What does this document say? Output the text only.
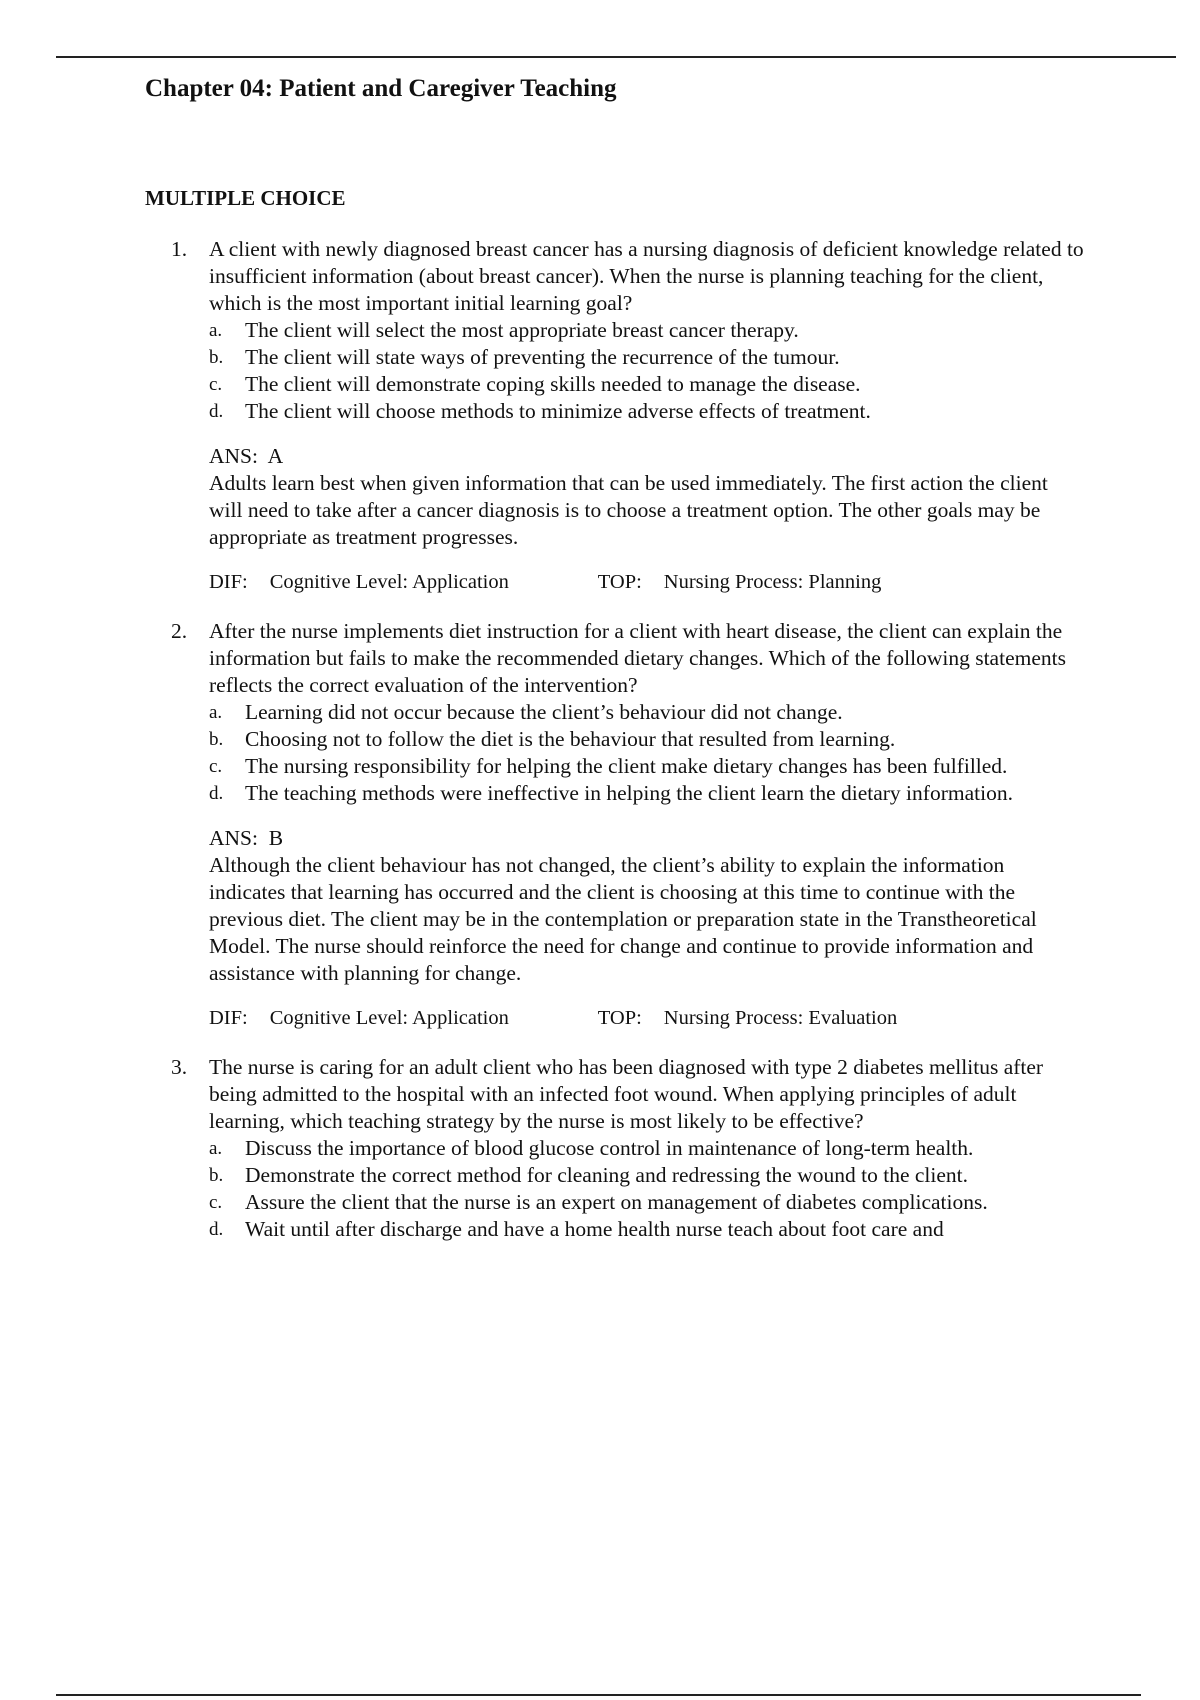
Chapter 04: Patient and Caregiver Teaching
MULTIPLE CHOICE
1. A client with newly diagnosed breast cancer has a nursing diagnosis of deficient knowledge related to insufficient information (about breast cancer). When the nurse is planning teaching for the client, which is the most important initial learning goal?

a. The client will select the most appropriate breast cancer therapy.
b. The client will state ways of preventing the recurrence of the tumour.
c. The client will demonstrate coping skills needed to manage the disease.
d. The client will choose methods to minimize adverse effects of treatment.

ANS: A

Adults learn best when given information that can be used immediately. The first action the client will need to take after a cancer diagnosis is to choose a treatment option. The other goals may be appropriate as treatment progresses.

DIF: Cognitive Level: Application	TOP: Nursing Process: Planning
2. After the nurse implements diet instruction for a client with heart disease, the client can explain the information but fails to make the recommended dietary changes. Which of the following statements reflects the correct evaluation of the intervention?

a. Learning did not occur because the client’s behaviour did not change.
b. Choosing not to follow the diet is the behaviour that resulted from learning.
c. The nursing responsibility for helping the client make dietary changes has been fulfilled.
d. The teaching methods were ineffective in helping the client learn the dietary information.

ANS: B

Although the client behaviour has not changed, the client’s ability to explain the information indicates that learning has occurred and the client is choosing at this time to continue with the previous diet. The client may be in the contemplation or preparation state in the Transtheoretical Model. The nurse should reinforce the need for change and continue to provide information and assistance with planning for change.

DIF: Cognitive Level: Application	TOP: Nursing Process: Evaluation
3. The nurse is caring for an adult client who has been diagnosed with type 2 diabetes mellitus after being admitted to the hospital with an infected foot wound. When applying principles of adult learning, which teaching strategy by the nurse is most likely to be effective?

a. Discuss the importance of blood glucose control in maintenance of long-term health.
b. Demonstrate the correct method for cleaning and redressing the wound to the client.
c. Assure the client that the nurse is an expert on management of diabetes complications.
d. Wait until after discharge and have a home health nurse teach about foot care and
